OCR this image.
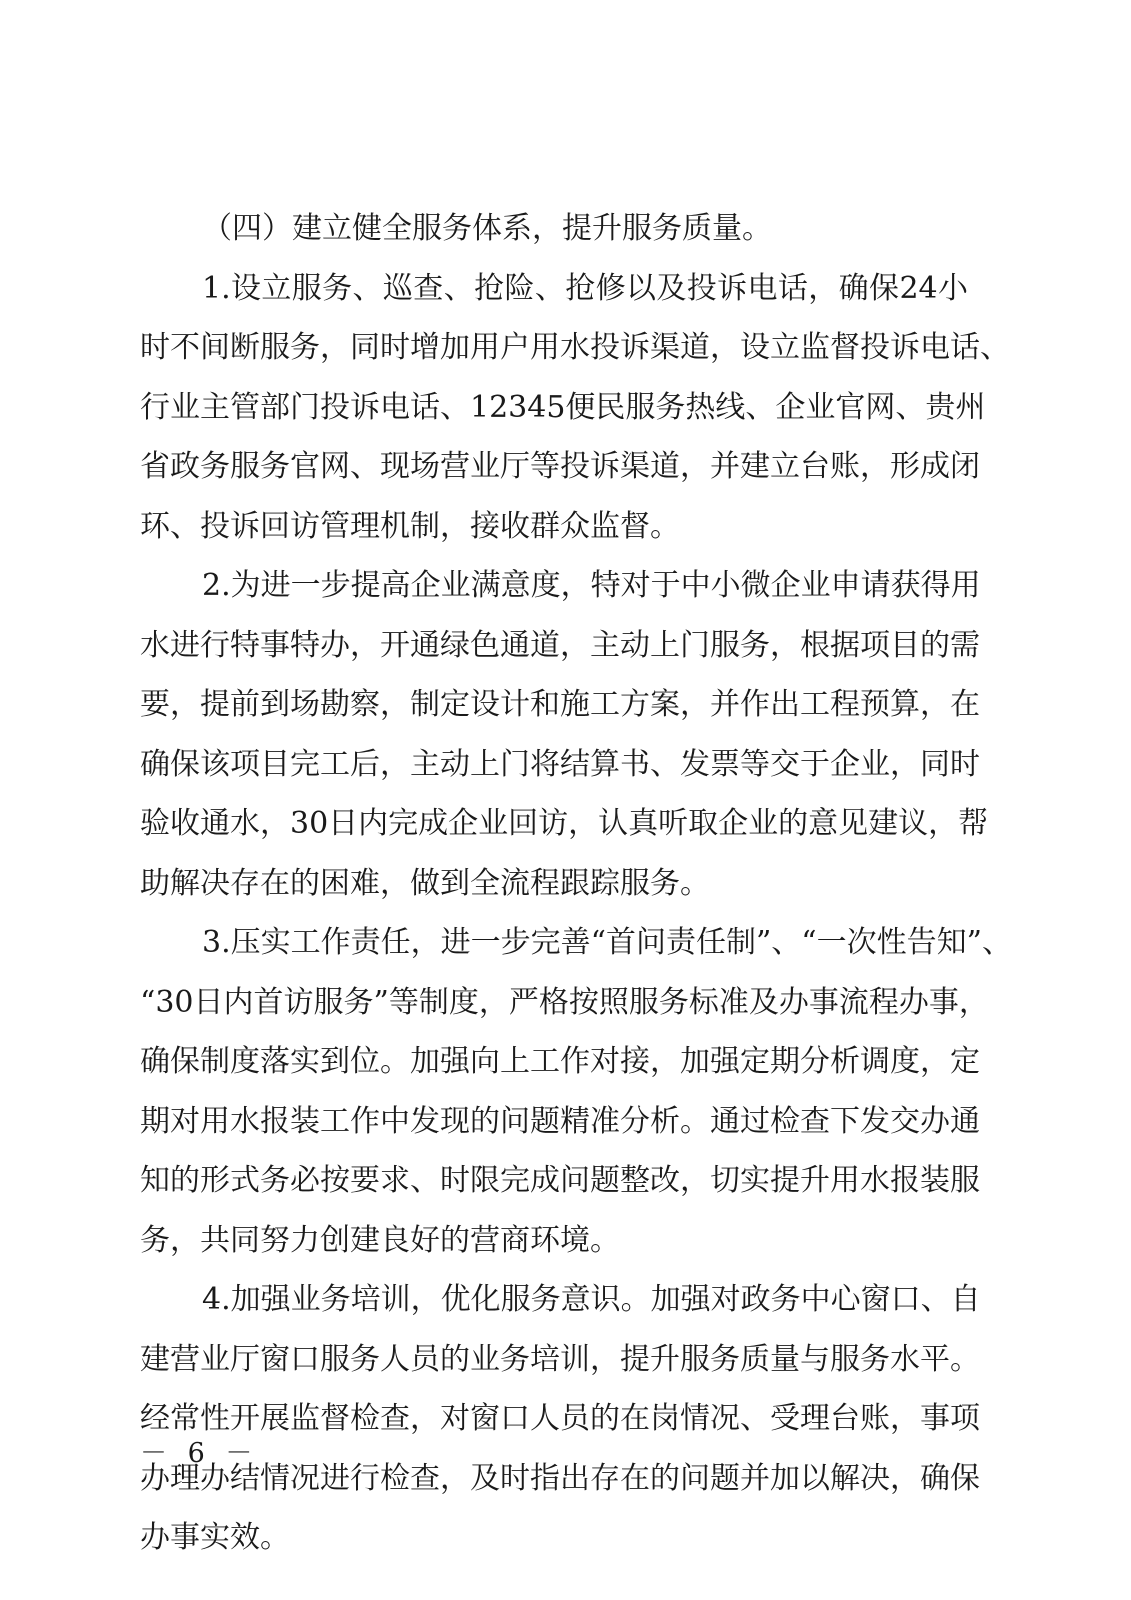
（四）建立健全服务体系，提升服务质量。
1.设立服务、巡查、抢险、抢修以及投诉电话，确保24小
时不间断服务，同时增加用户用水投诉渠道，设立监督投诉电话、
行业主管部门投诉电话、12345便民服务热线、企业官网、贵州
省政务服务官网、现场营业厅等投诉渠道，并建立台账，形成闭
环、投诉回访管理机制，接收群众监督。
2.为进一步提高企业满意度，特对于中小微企业申请获得用
水进行特事特办，开通绿色通道，主动上门服务，根据项目的需
要，提前到场勘察，制定设计和施工方案，并作出工程预算，在
确保该项目完工后，主动上门将结算书、发票等交于企业，同时
验收通水，30日内完成企业回访，认真听取企业的意见建议，帮
助解决存在的困难，做到全流程跟踪服务。
3.压实工作责任，进一步完善“首问责任制”、“一次性告知”、
“30日内首访服务”等制度，严格按照服务标准及办事流程办事，
确保制度落实到位。加强向上工作对接，加强定期分析调度，定
期对用水报装工作中发现的问题精准分析。通过检查下发交办通
知的形式务必按要求、时限完成问题整改，切实提升用水报装服
务，共同努力创建良好的营商环境。
4.加强业务培训，优化服务意识。加强对政务中心窗口、自
建营业厅窗口服务人员的业务培训，提升服务质量与服务水平。
经常性开展监督检查，对窗口人员的在岗情况、受理台账，事项
办理办结情况进行检查，及时指出存在的问题并加以解决，确保
办事实效。
－ 6 －
